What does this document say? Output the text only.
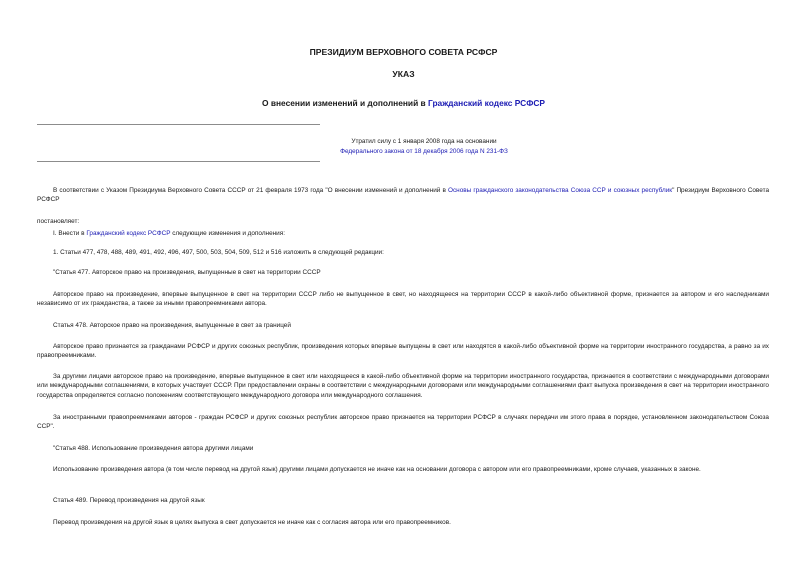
ПРЕЗИДИУМ ВЕРХОВНОГО СОВЕТА РСФСР
УКАЗ
О внесении изменений и дополнений в Гражданский кодекс РСФСР
Утратил силу с 1 января 2008 года на основании
Федерального закона от 18 декабря 2006 года N 231-ФЗ
В соответствии с Указом Президиума Верховного Совета СССР от 21 февраля 1973 года "О внесении изменений и дополнений в Основы гражданского законодательства Союза ССР и союзных республик" Президиум Верховного Совета РСФСР
постановляет:
I. Внести в Гражданский кодекс РСФСР следующие изменения и дополнения:
1. Статьи 477, 478, 488, 489, 491, 492, 496, 497, 500, 503, 504, 509, 512 и 516 изложить в следующей редакции:
"Статья 477. Авторское право на произведения, выпущенные в свет на территории СССР
Авторское право на произведение, впервые выпущенное в свет на территории СССР либо не выпущенное в свет, но находящееся на территории СССР в какой-либо объективной форме, признается за автором и его наследниками независимо от их гражданства, а также за иными правопреемниками автора.
Статья 478. Авторское право на произведения, выпущенные в свет за границей
Авторское право признается за гражданами РСФСР и других союзных республик, произведения которых впервые выпущены в свет или находятся в какой-либо объективной форме на территории иностранного государства, а равно за их правопреемниками.
За другими лицами авторское право на произведение, впервые выпущенное в свет или находящееся в какой-либо объективной форме на территории иностранного государства, признается в соответствии с международными договорами или международными соглашениями, в которых участвует СССР. При предоставлении охраны в соответствии с международными договорами или международными соглашениями факт выпуска произведения в свет на территории иностранного государства определяется согласно положениям соответствующего международного договора или международного соглашения.
За иностранными правопреемниками авторов - граждан РСФСР и других союзных республик авторское право признается на территории РСФСР в случаях передачи им этого права в порядке, установленном законодательством Союза ССР".
"Статья 488. Использование произведения автора другими лицами
Использование произведения автора (в том числе перевод на другой язык) другими лицами допускается не иначе как на основании договора с автором или его правопреемниками, кроме случаев, указанных в законе.
Статья 489. Перевод произведения на другой язык
Перевод произведения на другой язык в целях выпуска в свет допускается не иначе как с согласия автора или его правопреемников.
